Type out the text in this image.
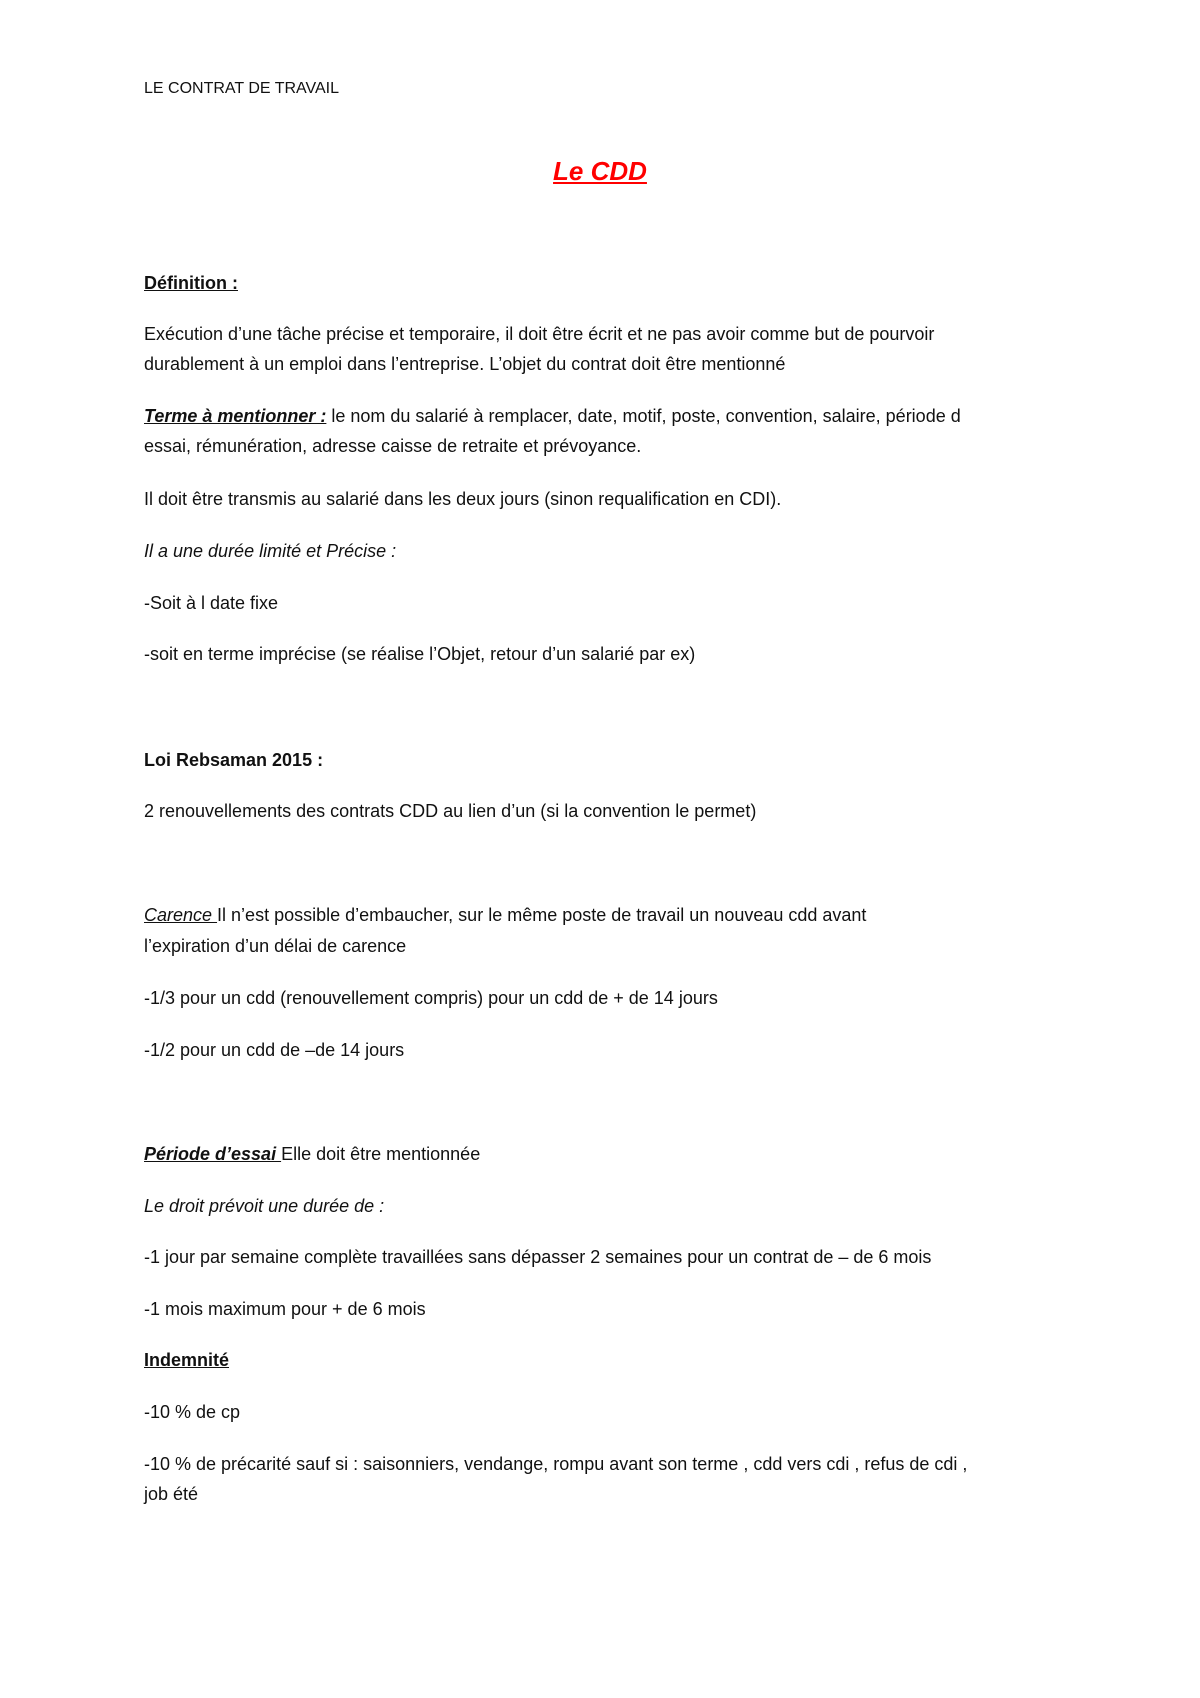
LE CONTRAT DE TRAVAIL
Le CDD
Définition :
Exécution d’une tâche précise et temporaire, il doit être écrit et ne pas avoir comme but de pourvoir
durablement à un emploi dans l’entreprise. L’objet du contrat doit être mentionné
Terme à mentionner : le nom du salarié à remplacer, date, motif, poste, convention, salaire, période d
essai, rémunération, adresse caisse de retraite et prévoyance.
Il doit être transmis au salarié dans les deux jours (sinon requalification en CDI).
Il a une durée limité et Précise :
-Soit à l date fixe
-soit en terme imprécise (se réalise l’Objet, retour d’un salarié par ex)
Loi Rebsaman 2015 :
2 renouvellements des contrats CDD au lien d’un (si la convention le permet)
Carence Il n’est possible d’embaucher, sur le même poste de travail un nouveau cdd avant
l’expiration d’un délai de carence
-1/3 pour un cdd (renouvellement compris) pour un cdd de + de 14 jours
-1/2 pour un cdd de –de 14 jours
Période d’essai Elle doit être mentionnée
Le droit prévoit une durée de :
-1 jour par semaine complète travaillées sans dépasser 2 semaines pour un contrat de – de 6 mois
-1 mois maximum pour + de 6 mois
Indemnité
-10 % de cp
-10 % de précarité sauf si : saisonniers, vendange, rompu avant son terme , cdd vers cdi , refus de cdi ,
job été
